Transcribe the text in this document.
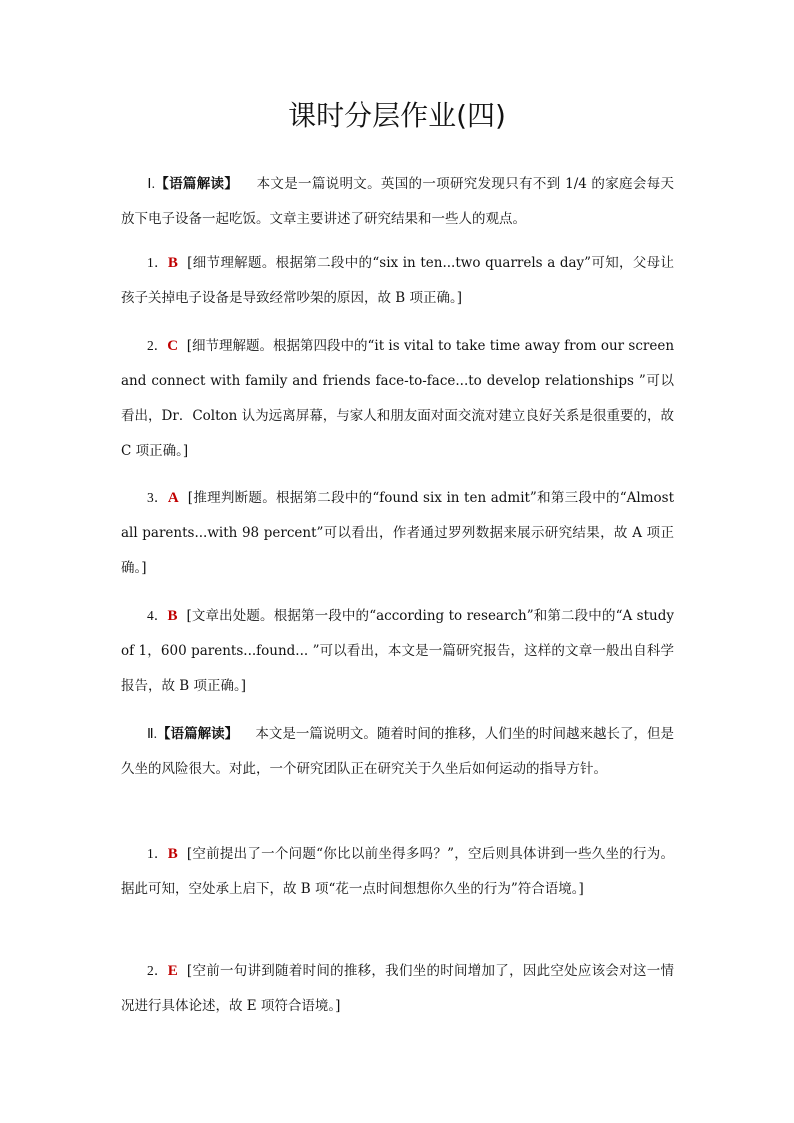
课时分层作业(四)

Ⅰ.【语篇解读】 本文是一篇说明文。英国的一项研究发现只有不到 1/4 的家庭会每天放下电子设备一起吃饭。文章主要讲述了研究结果和一些人的观点。

1．B [细节理解题。根据第二段中的“six in ten...two quarrels a day”可知，父母让孩子关掉电子设备是导致经常吵架的原因，故 B 项正确。]

2．C [细节理解题。根据第四段中的“it is vital to take time away from our screen and connect with family and friends face-to-face...to develop relationships ”可以看出，Dr．Colton 认为远离屏幕，与家人和朋友面对面交流对建立良好关系是很重要的，故 C 项正确。]

3．A [推理判断题。根据第二段中的“found six in ten admit”和第三段中的“Almost all parents...with 98 percent”可以看出，作者通过罗列数据来展示研究结果，故 A 项正确。]

4．B [文章出处题。根据第一段中的“according to research”和第二段中的“A study of 1，600 parents...found... ”可以看出，本文是一篇研究报告，这样的文章一般出自科学报告，故 B 项正确。]

Ⅱ.【语篇解读】 本文是一篇说明文。随着时间的推移，人们坐的时间越来越长了，但是久坐的风险很大。对此，一个研究团队正在研究关于久坐后如何运动的指导方针。

1．B [空前提出了一个问题“你比以前坐得多吗？”，空后则具体讲到一些久坐的行为。据此可知，空处承上启下，故 B 项“花一点时间想想你久坐的行为”符合语境。]

2．E [空前一句讲到随着时间的推移，我们坐的时间增加了，因此空处应该会对这一情况进行具体论述，故 E 项符合语境。]
